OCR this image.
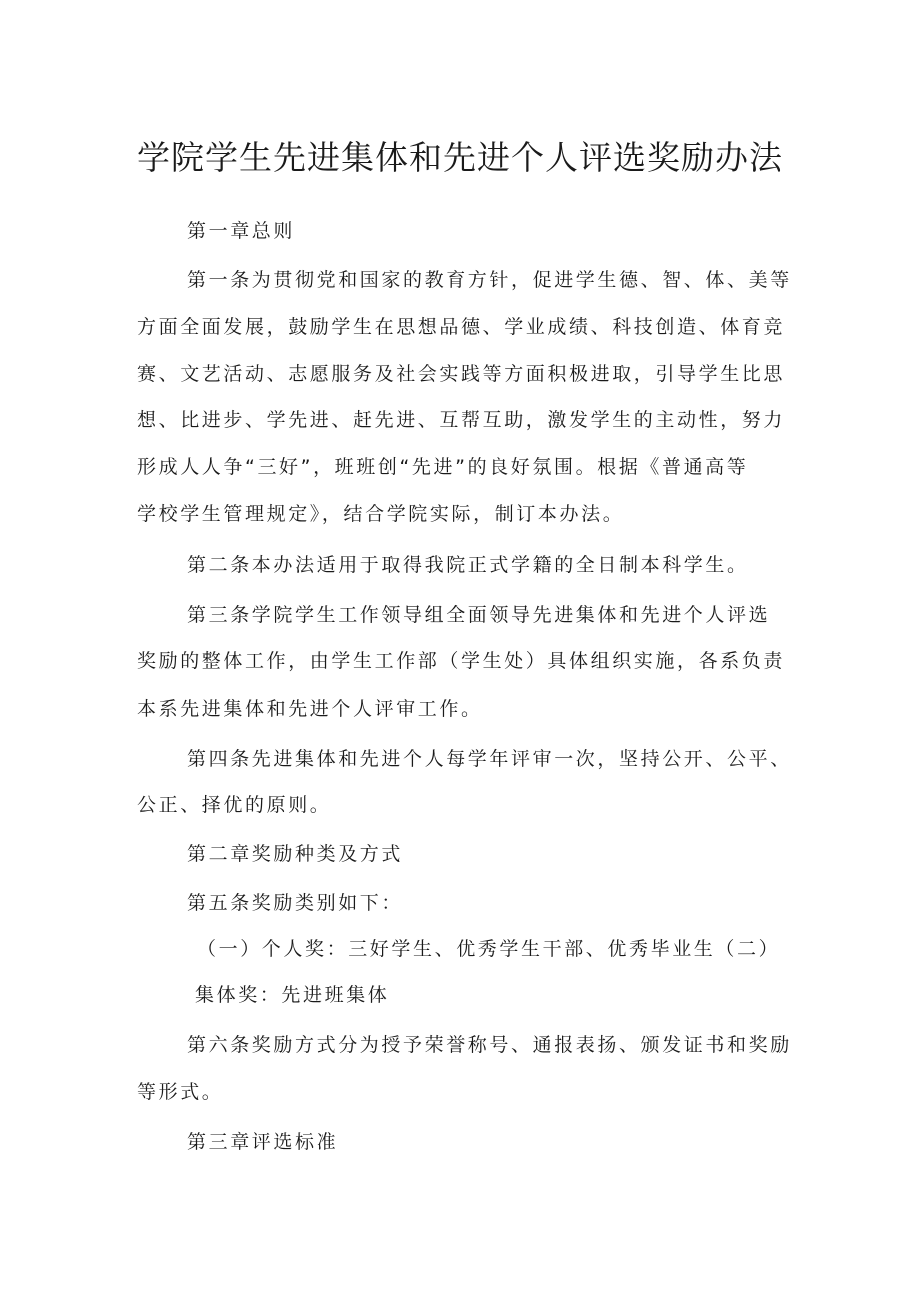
学院学生先进集体和先进个人评选奖励办法

第一章总则

第一条为贯彻党和国家的教育方针，促进学生德、智、体、美等

方面全面发展，鼓励学生在思想品德、学业成绩、科技创造、体育竞

赛、文艺活动、志愿服务及社会实践等方面积极进取，引导学生比思

想、比进步、学先进、赶先进、互帮互助，激发学生的主动性，努力

形成人人争“三好”，班班创“先进”的良好氛围。根据《普通高等

学校学生管理规定》，结合学院实际，制订本办法。

第二条本办法适用于取得我院正式学籍的全日制本科学生。

第三条学院学生工作领导组全面领导先进集体和先进个人评选

奖励的整体工作，由学生工作部（学生处）具体组织实施，各系负责

本系先进集体和先进个人评审工作。

第四条先进集体和先进个人每学年评审一次，坚持公开、公平、

公正、择优的原则。

第二章奖励种类及方式

第五条奖励类别如下：

（一）个人奖：三好学生、优秀学生干部、优秀毕业生（二）

集体奖：先进班集体

第六条奖励方式分为授予荣誉称号、通报表扬、颁发证书和奖励

等形式。

第三章评选标准
